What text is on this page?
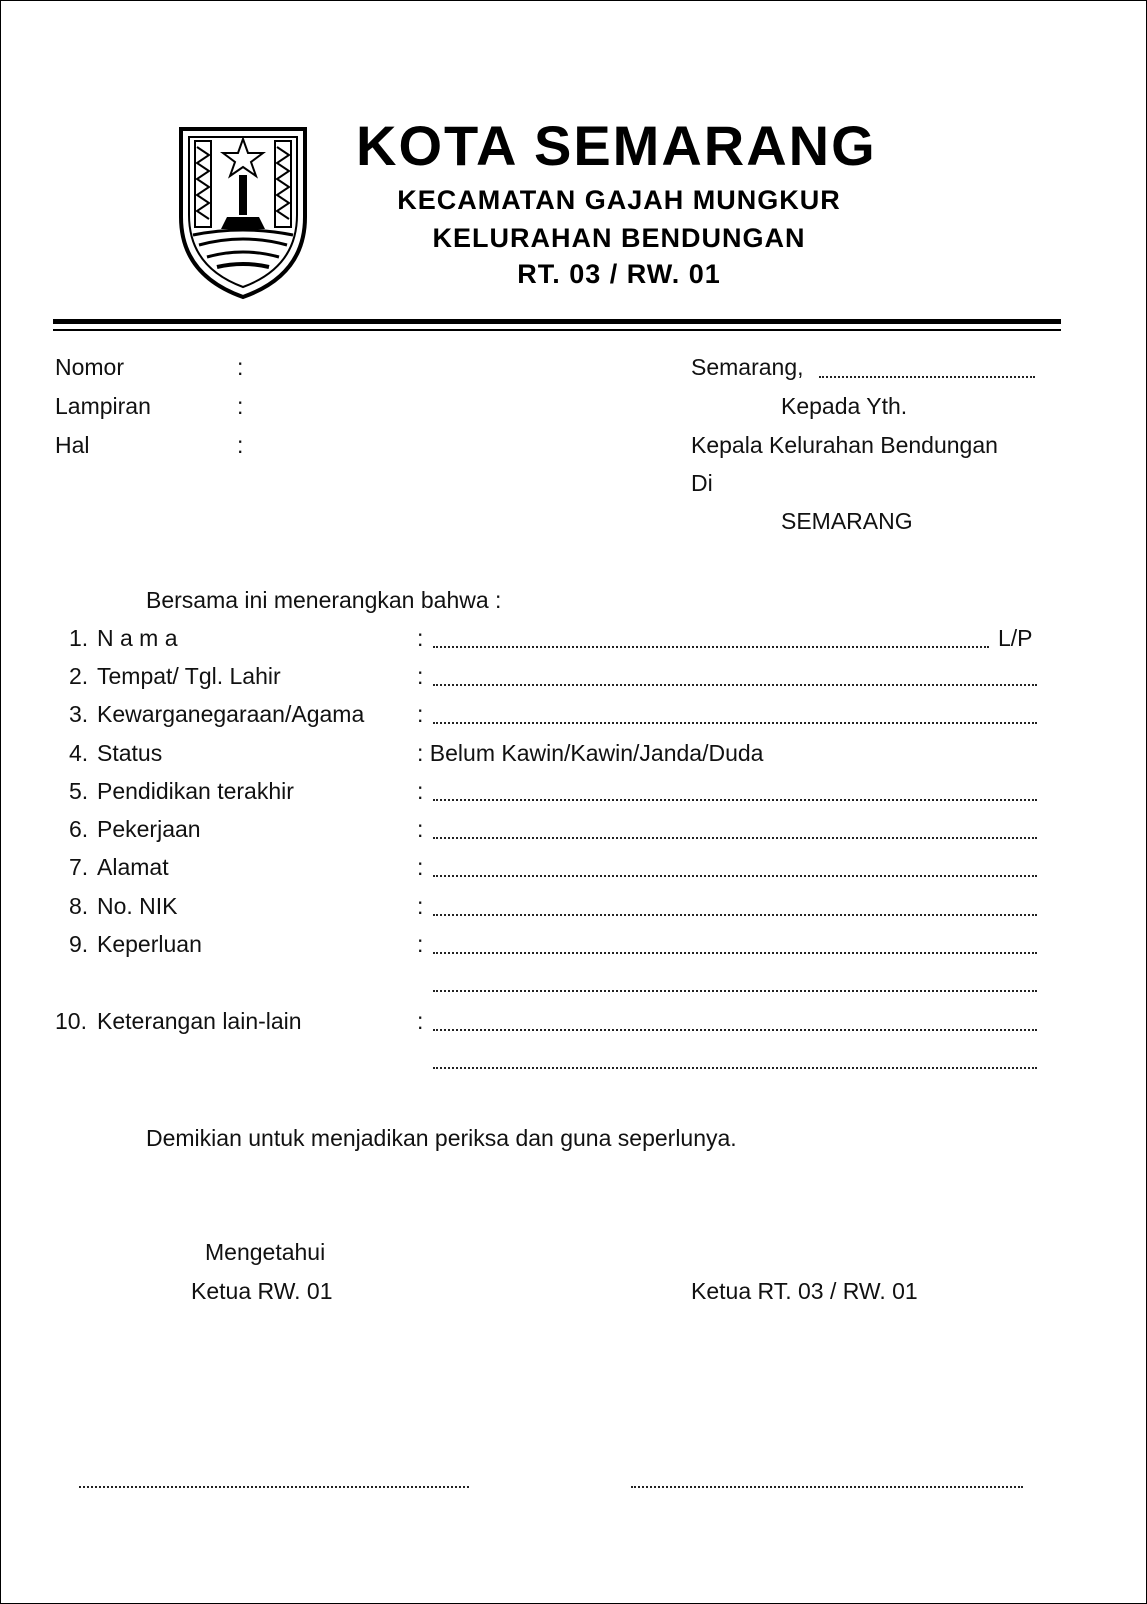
KOTA SEMARANG
KECAMATAN GAJAH MUNGKUR
KELURAHAN BENDUNGAN
RT. 03 / RW. 01
Nomor	:
Lampiran	:
Hal	:
Semarang,
Kepada Yth.
Kepala Kelurahan Bendungan
Di
SEMARANG
Bersama ini menerangkan bahwa :
1. N a m a	:	L/P
2. Tempat/ Tgl. Lahir	:
3. Kewarganegaraan/Agama :
4. Status	: Belum Kawin/Kawin/Janda/Duda
5. Pendidikan terakhir	:
6. Pekerjaan	:
7. Alamat	:
8. No. NIK	:
9. Keperluan	:
10. Keterangan lain-lain	:
Demikian untuk menjadikan periksa dan guna seperlunya.
Mengetahui
Ketua RW. 01	Ketua RT. 03 / RW. 01
